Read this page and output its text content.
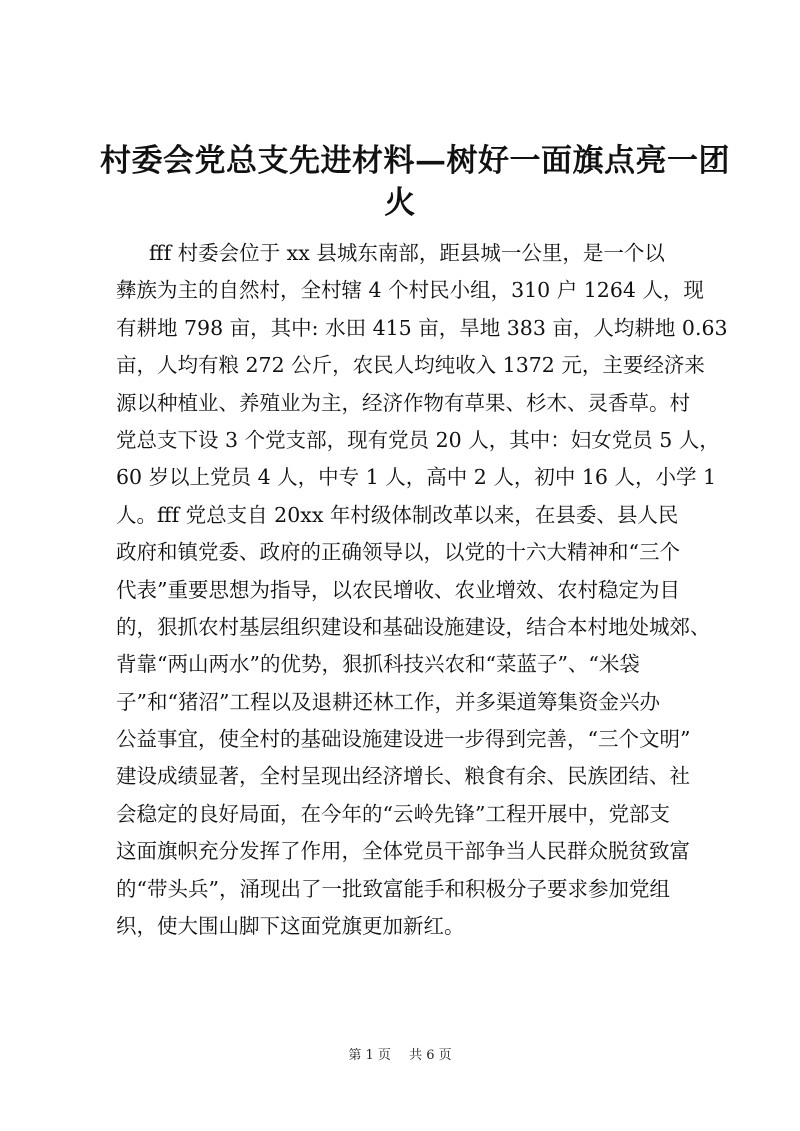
村委会党总支先进材料—树好一面旗点亮一团
火
fff 村委会位于 xx 县城东南部，距县城一公里，是一个以
彝族为主的自然村，全村辖 4 个村民小组，310 户 1264 人，现
有耕地 798 亩，其中: 水田 415 亩，旱地 383 亩，人均耕地 0.63
亩，人均有粮 272 公斤，农民人均纯收入 1372 元，主要经济来
源以种植业、养殖业为主，经济作物有草果、杉木、灵香草。村
党总支下设 3 个党支部，现有党员 20 人，其中：妇女党员 5 人，
60 岁以上党员 4 人，中专 1 人，高中 2 人，初中 16 人，小学 1
人。fff 党总支自 20xx 年村级体制改革以来，在县委、县人民
政府和镇党委、政府的正确领导以，以党的十六大精神和“三个
代表”重要思想为指导，以农民增收、农业增效、农村稳定为目
的，狠抓农村基层组织建设和基础设施建设，结合本村地处城郊、
背靠“两山两水”的优势，狠抓科技兴农和“菜蓝子”、“米袋
子”和“猪沼”工程以及退耕还林工作，并多渠道筹集资金兴办
公益事宜，使全村的基础设施建设进一步得到完善，“三个文明”
建设成绩显著，全村呈现出经济增长、粮食有余、民族团结、社
会稳定的良好局面，在今年的“云岭先锋”工程开展中，党部支
这面旗帜充分发挥了作用，全体党员干部争当人民群众脱贫致富
的“带头兵”，涌现出了一批致富能手和积极分子要求参加党组
织，使大围山脚下这面党旗更加新红。
第 1 页 共 6 页
